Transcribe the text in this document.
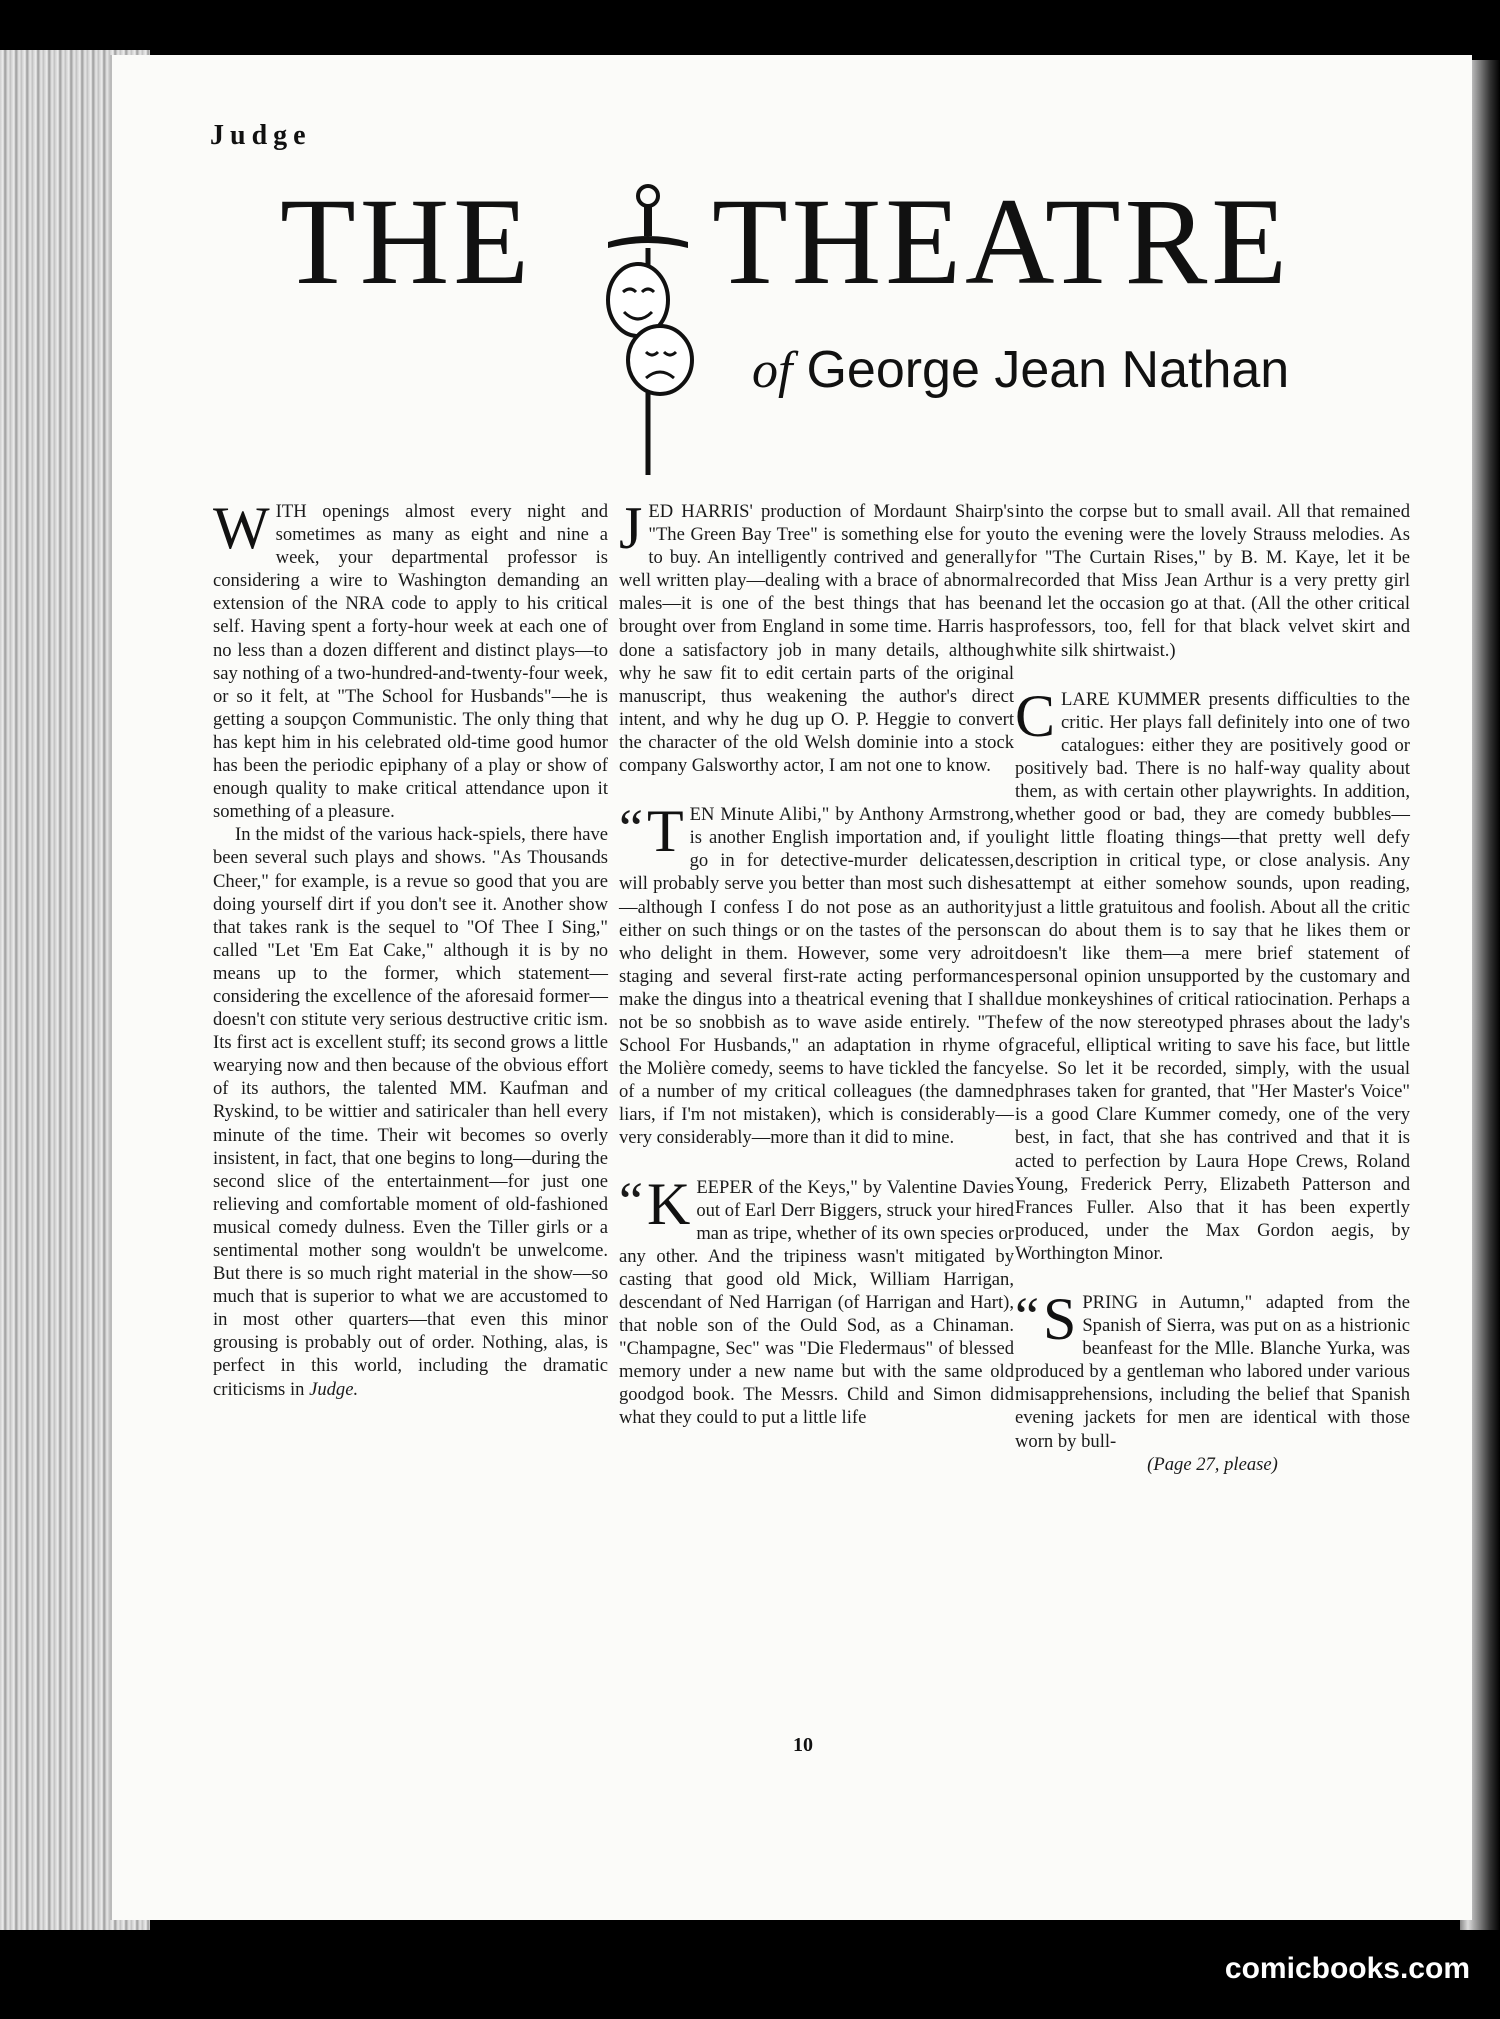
Judge
THE THEATRE
of George Jean Nathan

WITH openings almost every night and sometimes as many as eight and nine a week, your departmental professor is considering a wire to Washington demanding an extension of the NRA code to apply to his critical self. Having spent a forty-hour week at each one of no less than a dozen different and distinct plays—to say nothing of a two-hundred-and-twenty-four week, or so it felt, at "The School for Husbands"—he is getting a soupçon Communistic. The only thing that has kept him in his celebrated old-time good humor has been the periodic epiphany of a play or show of enough quality to make critical attendance upon it something of a pleasure.

In the midst of the various hack-spiels, there have been several such plays and shows. "As Thousands Cheer," for example, is a revue so good that you are doing yourself dirt if you don't see it. Another show that takes rank is the sequel to "Of Thee I Sing," called "Let 'Em Eat Cake," although it is by no means up to the former, which statement—considering the excellence of the aforesaid former—doesn't con stitute very serious destructive critic ism. Its first act is excellent stuff; its second grows a little wearying now and then because of the obvious effort of its authors, the talented MM. Kaufman and Ryskind, to be wittier and satiricaler than hell every minute of the time. Their wit becomes so overly insistent, in fact, that one begins to long—during the second slice of the entertainment—for just one relieving and comfortable moment of old-fashioned musical comedy dulness. Even the Tiller girls or a sentimental mother song wouldn't be unwelcome. But there is so much right material in the show—so much that is superior to what we are accustomed to in most other quarters—that even this minor grousing is probably out of order. Nothing, alas, is perfect in this world, including the dramatic criticisms in Judge.

JED HARRIS' production of Mordaunt Shairp's "The Green Bay Tree" is something else for you to buy. An intelligently contrived and generally well written play—dealing with a brace of abnormal males—it is one of the best things that has been brought over from England in some time. Harris has done a satisfactory job in many details, although why he saw fit to edit certain parts of the original manuscript, thus weakening the author's direct intent, and why he dug up O. P. Heggie to convert the character of the old Welsh dominie into a stock company Galsworthy actor, I am not one to know.

“ T EN Minute Alibi," by Anthony Armstrong, is another English importation and, if you go in for detective-murder delicatessen, will probably serve you better than most such dishes—although I confess I do not pose as an authority either on such things or on the tastes of the persons who delight in them. However, some very adroit staging and several first-rate acting performances make the dingus into a theatrical evening that I shall not be so snobbish as to wave aside entirely. "The School For Husbands," an adaptation in rhyme of the Molière comedy, seems to have tickled the fancy of a number of my critical colleagues (the damned liars, if I'm not mistaken), which is considerably—very considerably—more than it did to mine.

“ K EEPER of the Keys," by Valentine Davies out of Earl Derr Biggers, struck your hired man as tripe, whether of its own species or any other. And the tripiness wasn't mitigated by casting that good old Mick, William Harrigan, descendant of Ned Harrigan (of Harrigan and Hart), that noble son of the Ould Sod, as a Chinaman. "Champagne, Sec" was "Die Fledermaus" of blessed memory under a new name but with the same old goodgod book. The Messrs. Child and Simon did what they could to put a little life

into the corpse but to small avail. All that remained to the evening were the lovely Strauss melodies. As for "The Curtain Rises," by B. M. Kaye, let it be recorded that Miss Jean Arthur is a very pretty girl and let the occasion go at that. (All the other critical professors, too, fell for that black velvet skirt and white silk shirtwaist.)

CLARE KUMMER presents difficulties to the critic. Her plays fall definitely into one of two catalogues: either they are positively good or positively bad. There is no half-way quality about them, as with certain other playwrights. In addition, whether good or bad, they are comedy bubbles—light little floating things—that pretty well defy description in critical type, or close analysis. Any attempt at either somehow sounds, upon reading, just a little gratuitous and foolish. About all the critic can do about them is to say that he likes them or doesn't like them—a mere brief statement of personal opinion unsupported by the customary and due monkeyshines of critical ratiocination. Perhaps a few of the now stereotyped phrases about the lady's graceful, elliptical writing to save his face, but little else. So let it be recorded, simply, with the usual phrases taken for granted, that "Her Master's Voice" is a good Clare Kummer comedy, one of the very best, in fact, that she has contrived and that it is acted to perfection by Laura Hope Crews, Roland Young, Frederick Perry, Elizabeth Patterson and Frances Fuller. Also that it has been expertly produced, under the Max Gordon aegis, by Worthington Minor.

“ S PRING in Autumn," adapted from the Spanish of Sierra, was put on as a histrionic beanfeast for the Mlle. Blanche Yurka, was produced by a gentleman who labored under various misapprehensions, including the belief that Spanish evening jackets for men are identical with those worn by bull-

(Page 27, please)

10
comicbooks.com
